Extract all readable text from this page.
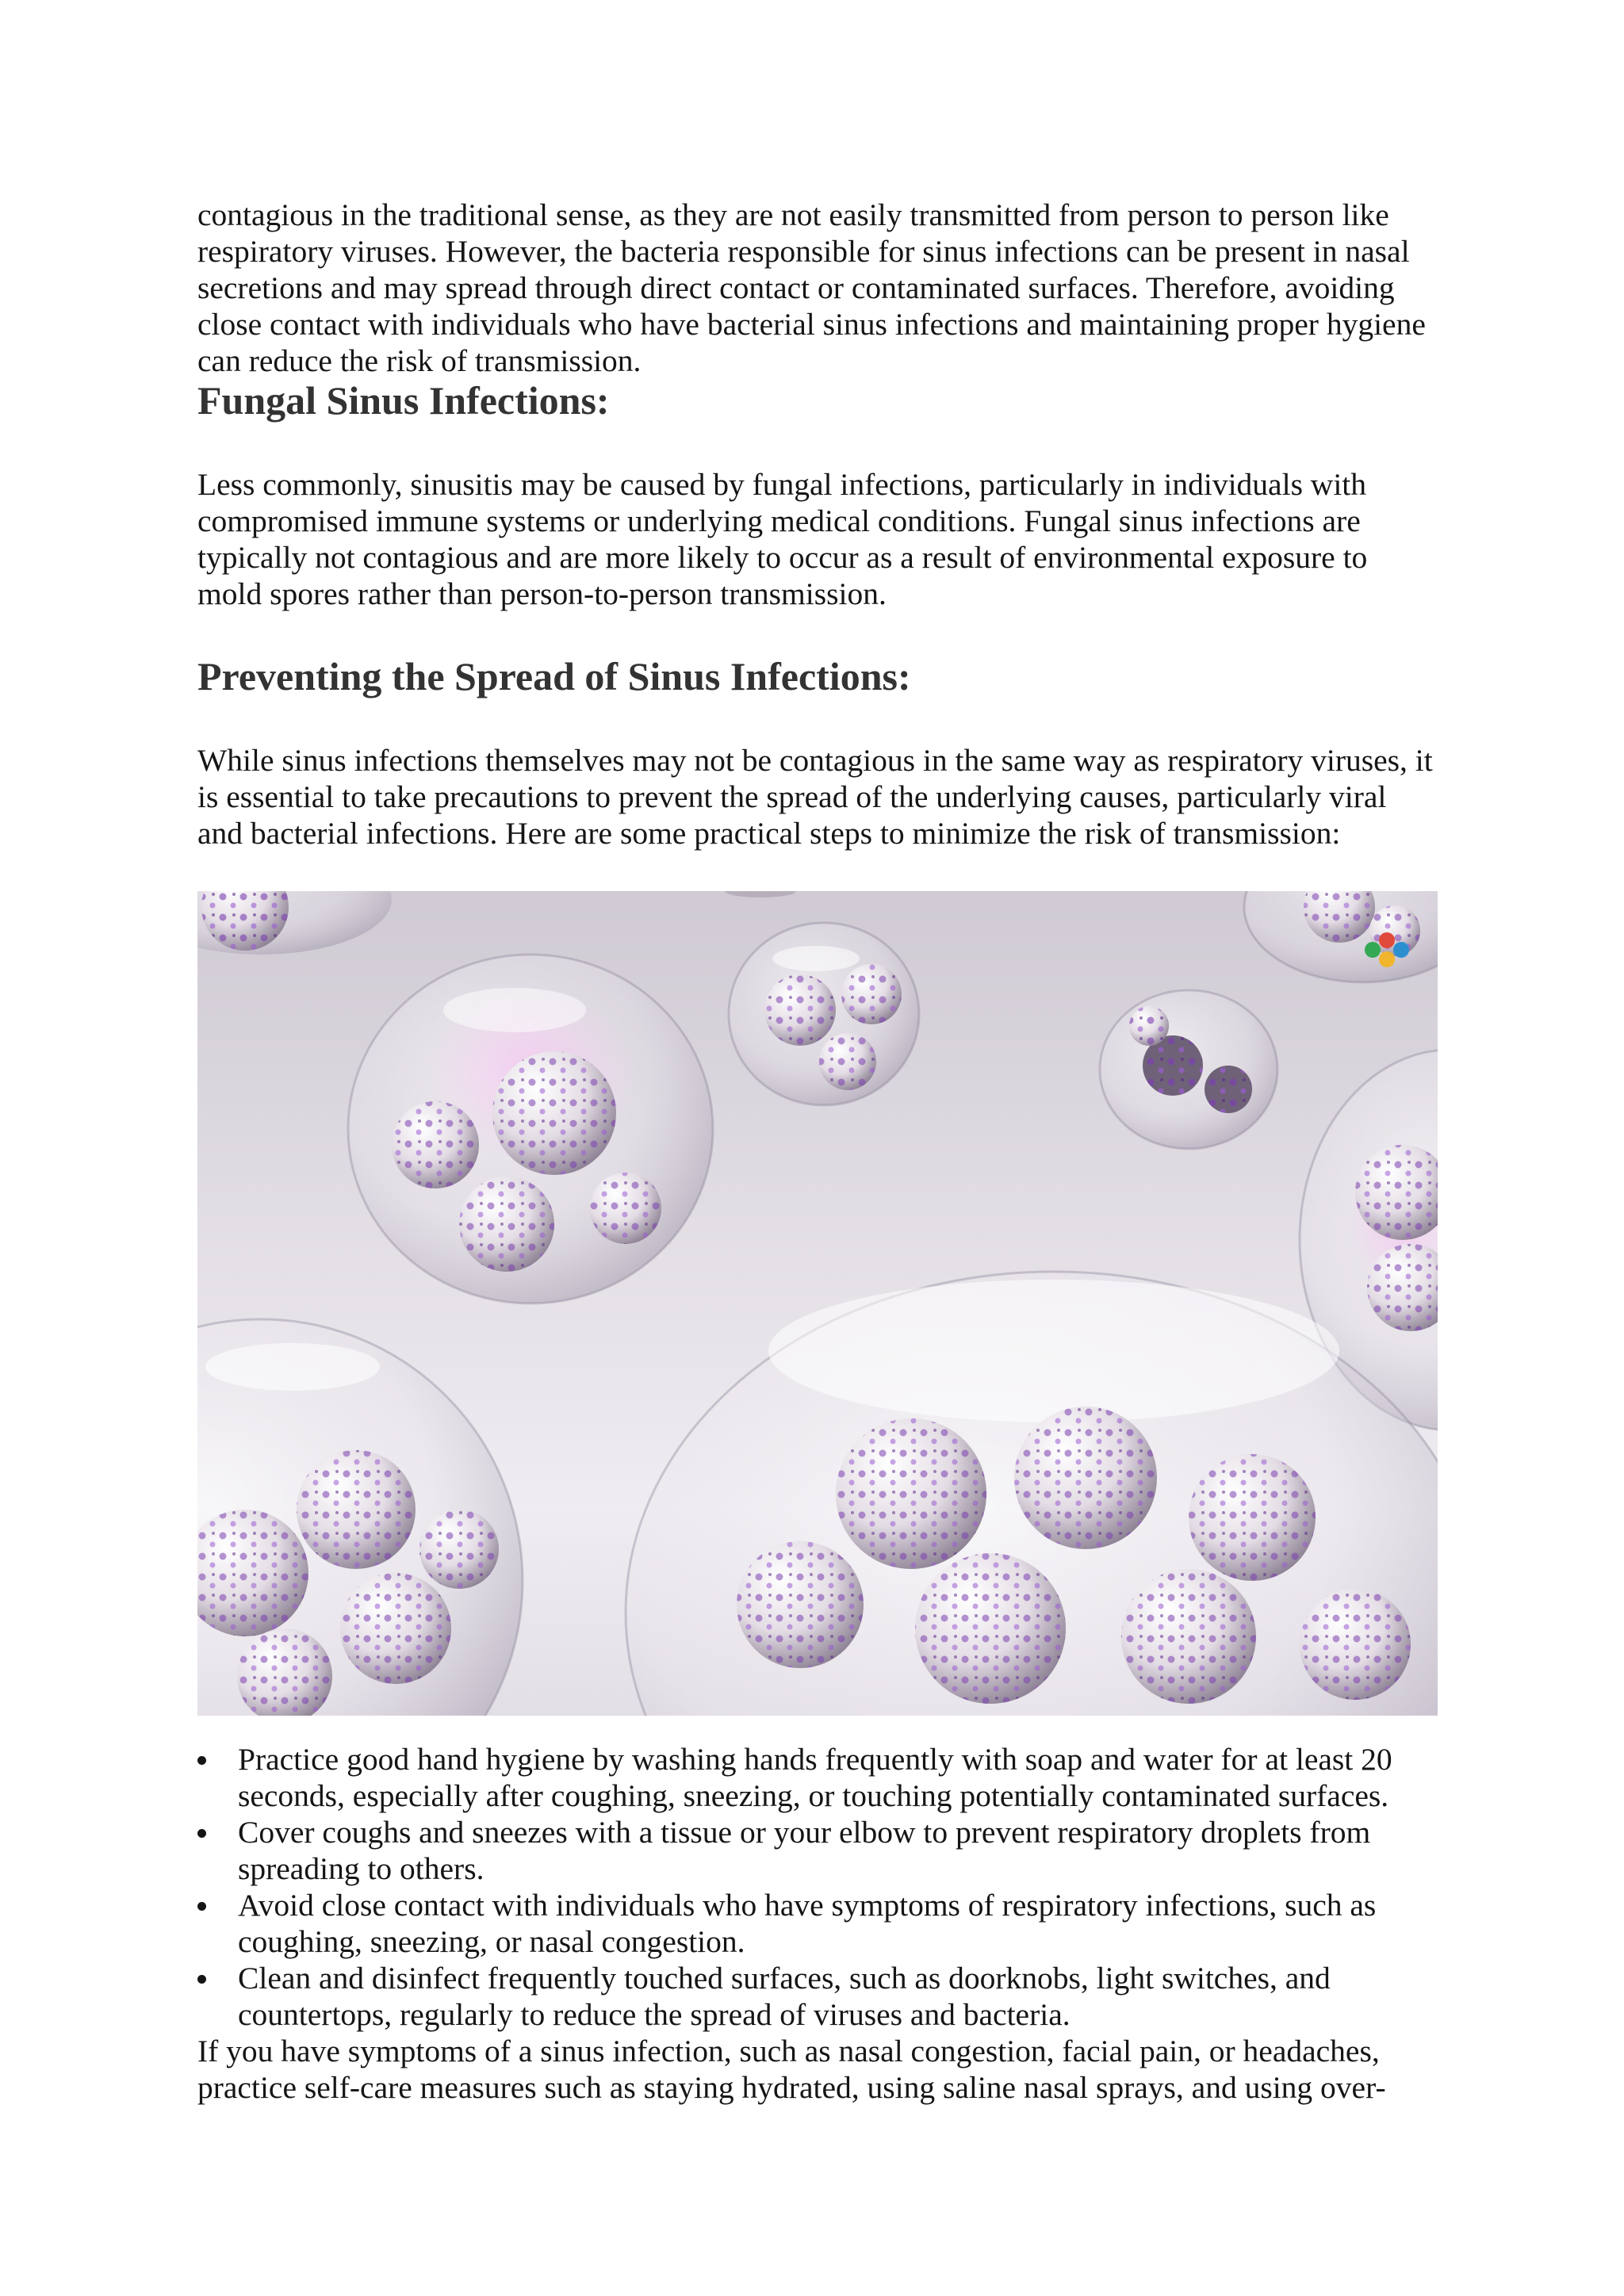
contagious in the traditional sense, as they are not easily transmitted from person to person like respiratory viruses. However, the bacteria responsible for sinus infections can be present in nasal secretions and may spread through direct contact or contaminated surfaces. Therefore, avoiding close contact with individuals who have bacterial sinus infections and maintaining proper hygiene can reduce the risk of transmission.

Fungal Sinus Infections:

Less commonly, sinusitis may be caused by fungal infections, particularly in individuals with compromised immune systems or underlying medical conditions. Fungal sinus infections are typically not contagious and are more likely to occur as a result of environmental exposure to mold spores rather than person-to-person transmission.

Preventing the Spread of Sinus Infections:

While sinus infections themselves may not be contagious in the same way as respiratory viruses, it is essential to take precautions to prevent the spread of the underlying causes, particularly viral and bacterial infections. Here are some practical steps to minimize the risk of transmission:

Practice good hand hygiene by washing hands frequently with soap and water for at least 20 seconds, especially after coughing, sneezing, or touching potentially contaminated surfaces.
Cover coughs and sneezes with a tissue or your elbow to prevent respiratory droplets from spreading to others.
Avoid close contact with individuals who have symptoms of respiratory infections, such as coughing, sneezing, or nasal congestion.
Clean and disinfect frequently touched surfaces, such as doorknobs, light switches, and countertops, regularly to reduce the spread of viruses and bacteria.

If you have symptoms of a sinus infection, such as nasal congestion, facial pain, or headaches, practice self-care measures such as staying hydrated, using saline nasal sprays, and using over-
